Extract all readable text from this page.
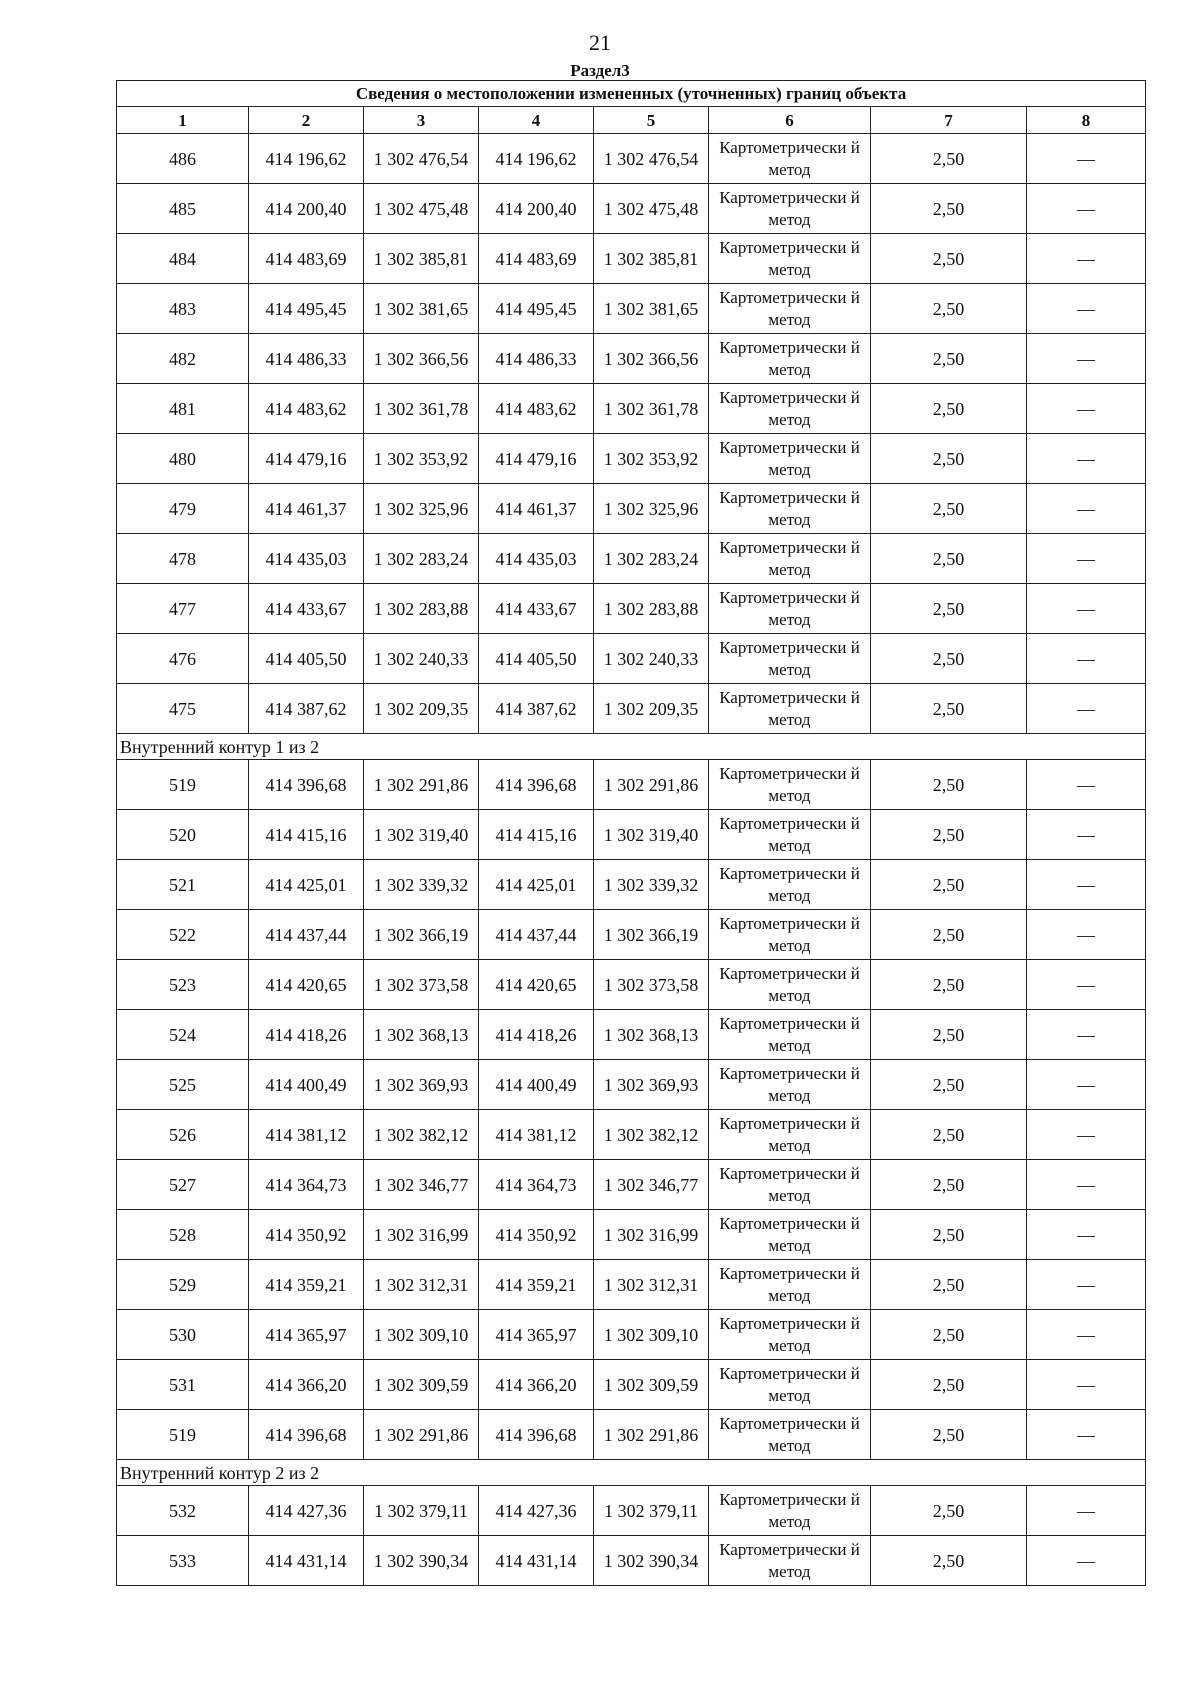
21
Раздел3
Сведения о местоположении измененных (уточненных) границ объекта							
1	2	3	4	5	6	7	8
486	414 196,62	1 302 476,54	414 196,62	1 302 476,54	Картометрически й метод	2,50	—
485	414 200,40	1 302 475,48	414 200,40	1 302 475,48	Картометрически й метод	2,50	—
484	414 483,69	1 302 385,81	414 483,69	1 302 385,81	Картометрически й метод	2,50	—
483	414 495,45	1 302 381,65	414 495,45	1 302 381,65	Картометрически й метод	2,50	—
482	414 486,33	1 302 366,56	414 486,33	1 302 366,56	Картометрически й метод	2,50	—
481	414 483,62	1 302 361,78	414 483,62	1 302 361,78	Картометрически й метод	2,50	—
480	414 479,16	1 302 353,92	414 479,16	1 302 353,92	Картометрически й метод	2,50	—
479	414 461,37	1 302 325,96	414 461,37	1 302 325,96	Картометрически й метод	2,50	—
478	414 435,03	1 302 283,24	414 435,03	1 302 283,24	Картометрически й метод	2,50	—
477	414 433,67	1 302 283,88	414 433,67	1 302 283,88	Картометрически й метод	2,50	—
476	414 405,50	1 302 240,33	414 405,50	1 302 240,33	Картометрически й метод	2,50	—
475	414 387,62	1 302 209,35	414 387,62	1 302 209,35	Картометрически й метод	2,50	—
Внутренний контур 1 из 2							
519	414 396,68	1 302 291,86	414 396,68	1 302 291,86	Картометрически й метод	2,50	—
520	414 415,16	1 302 319,40	414 415,16	1 302 319,40	Картометрически й метод	2,50	—
521	414 425,01	1 302 339,32	414 425,01	1 302 339,32	Картометрически й метод	2,50	—
522	414 437,44	1 302 366,19	414 437,44	1 302 366,19	Картометрически й метод	2,50	—
523	414 420,65	1 302 373,58	414 420,65	1 302 373,58	Картометрически й метод	2,50	—
524	414 418,26	1 302 368,13	414 418,26	1 302 368,13	Картометрически й метод	2,50	—
525	414 400,49	1 302 369,93	414 400,49	1 302 369,93	Картометрически й метод	2,50	—
526	414 381,12	1 302 382,12	414 381,12	1 302 382,12	Картометрически й метод	2,50	—
527	414 364,73	1 302 346,77	414 364,73	1 302 346,77	Картометрически й метод	2,50	—
528	414 350,92	1 302 316,99	414 350,92	1 302 316,99	Картометрически й метод	2,50	—
529	414 359,21	1 302 312,31	414 359,21	1 302 312,31	Картометрически й метод	2,50	—
530	414 365,97	1 302 309,10	414 365,97	1 302 309,10	Картометрически й метод	2,50	—
531	414 366,20	1 302 309,59	414 366,20	1 302 309,59	Картометрически й метод	2,50	—
519	414 396,68	1 302 291,86	414 396,68	1 302 291,86	Картометрически й метод	2,50	—
Внутренний контур 2 из 2							
532	414 427,36	1 302 379,11	414 427,36	1 302 379,11	Картометрически й метод	2,50	—
533	414 431,14	1 302 390,34	414 431,14	1 302 390,34	Картометрически й метод	2,50	—
